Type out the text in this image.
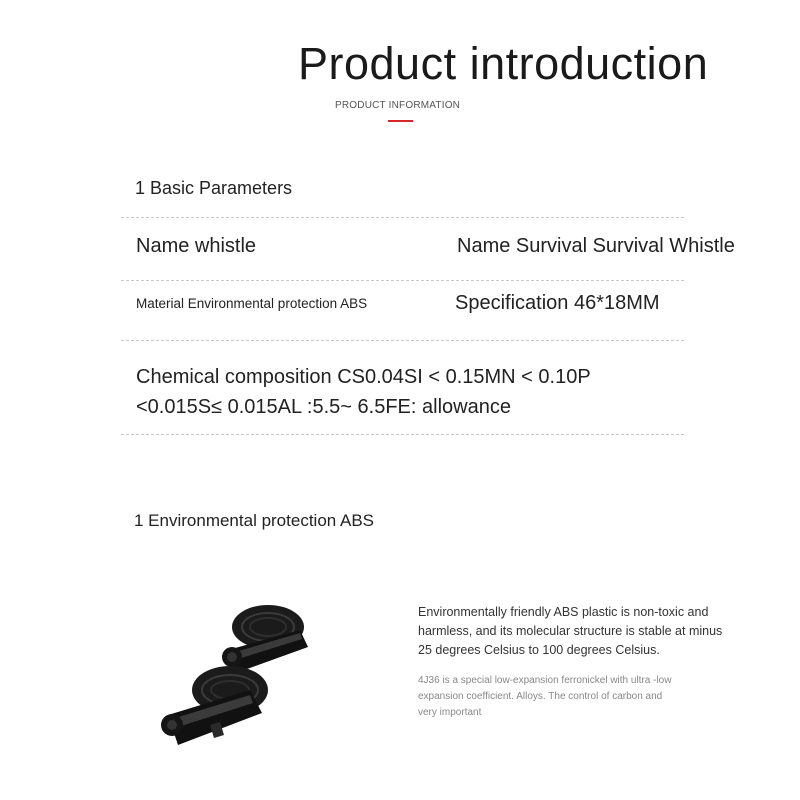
Product introduction
PRODUCT INFORMATION
1 Basic Parameters
Name whistle	Name Survival Survival Whistle
Material Environmental protection ABS	Specification 46*18MM
Chemical composition CS0.04SI < 0.15MN < 0.10P
<0.015S≤ 0.015AL :5.5~ 6.5FE: allowance
1 Environmental protection ABS
Environmentally friendly ABS plastic is non-toxic and harmless, and its molecular structure is stable at minus 25 degrees Celsius to 100 degrees Celsius.
4J36 is a special low-expansion ferronickel with ultra -low expansion coefficient. Alloys. The control of carbon and very important
